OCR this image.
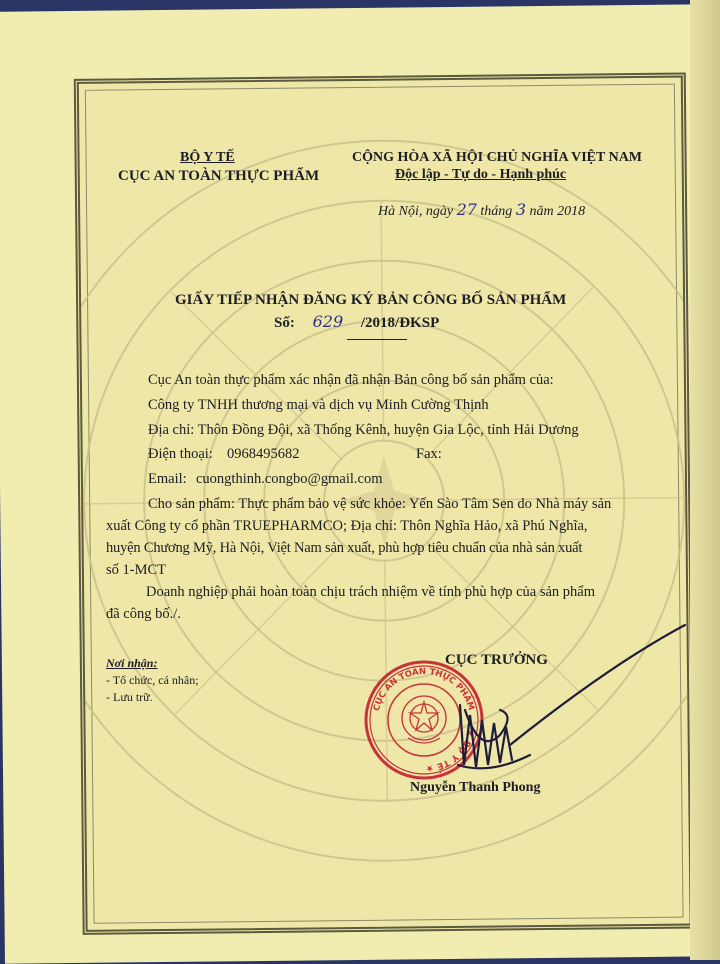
BỘ Y TẾ
CỤC AN TOÀN THỰC PHẨM
CỘNG HÒA XÃ HỘI CHỦ NGHĨA VIỆT NAM
Độc lập - Tự do - Hạnh phúc
Hà Nội, ngày 27 tháng 3 năm 2018
GIẤY TIẾP NHẬN ĐĂNG KÝ BẢN CÔNG BỐ SẢN PHẨM
Số: 629 /2018/ĐKSP
Cục An toàn thực phẩm xác nhận đã nhận Bản công bố sản phẩm của:
Công ty TNHH thương mại và dịch vụ Minh Cường Thịnh
Địa chỉ: Thôn Đồng Đội, xã Thống Kênh, huyện Gia Lộc, tỉnh Hải Dương
Điện thoại: 0968495682	Fax:
Email: cuongthinh.congbo@gmail.com
Cho sản phẩm: Thực phẩm bảo vệ sức khỏe: Yến Sào Tâm Sen do Nhà máy sản
xuất Công ty cổ phần TRUEPHARMCO; Địa chỉ: Thôn Nghĩa Hảo, xã Phú Nghĩa,
huyện Chương Mỹ, Hà Nội, Việt Nam sản xuất, phù hợp tiêu chuẩn của nhà sản xuất
số 1-MCT
Doanh nghiệp phải hoàn toàn chịu trách nhiệm về tính phù hợp của sản phẩm
đã công bố./.
Nơi nhận:
- Tổ chức, cá nhân;
- Lưu trữ.
CỤC TRƯỞNG
★ BỘ Y TẾ ★
CỤC AN TOÀN THỰC PHẨM
Nguyễn Thanh Phong
